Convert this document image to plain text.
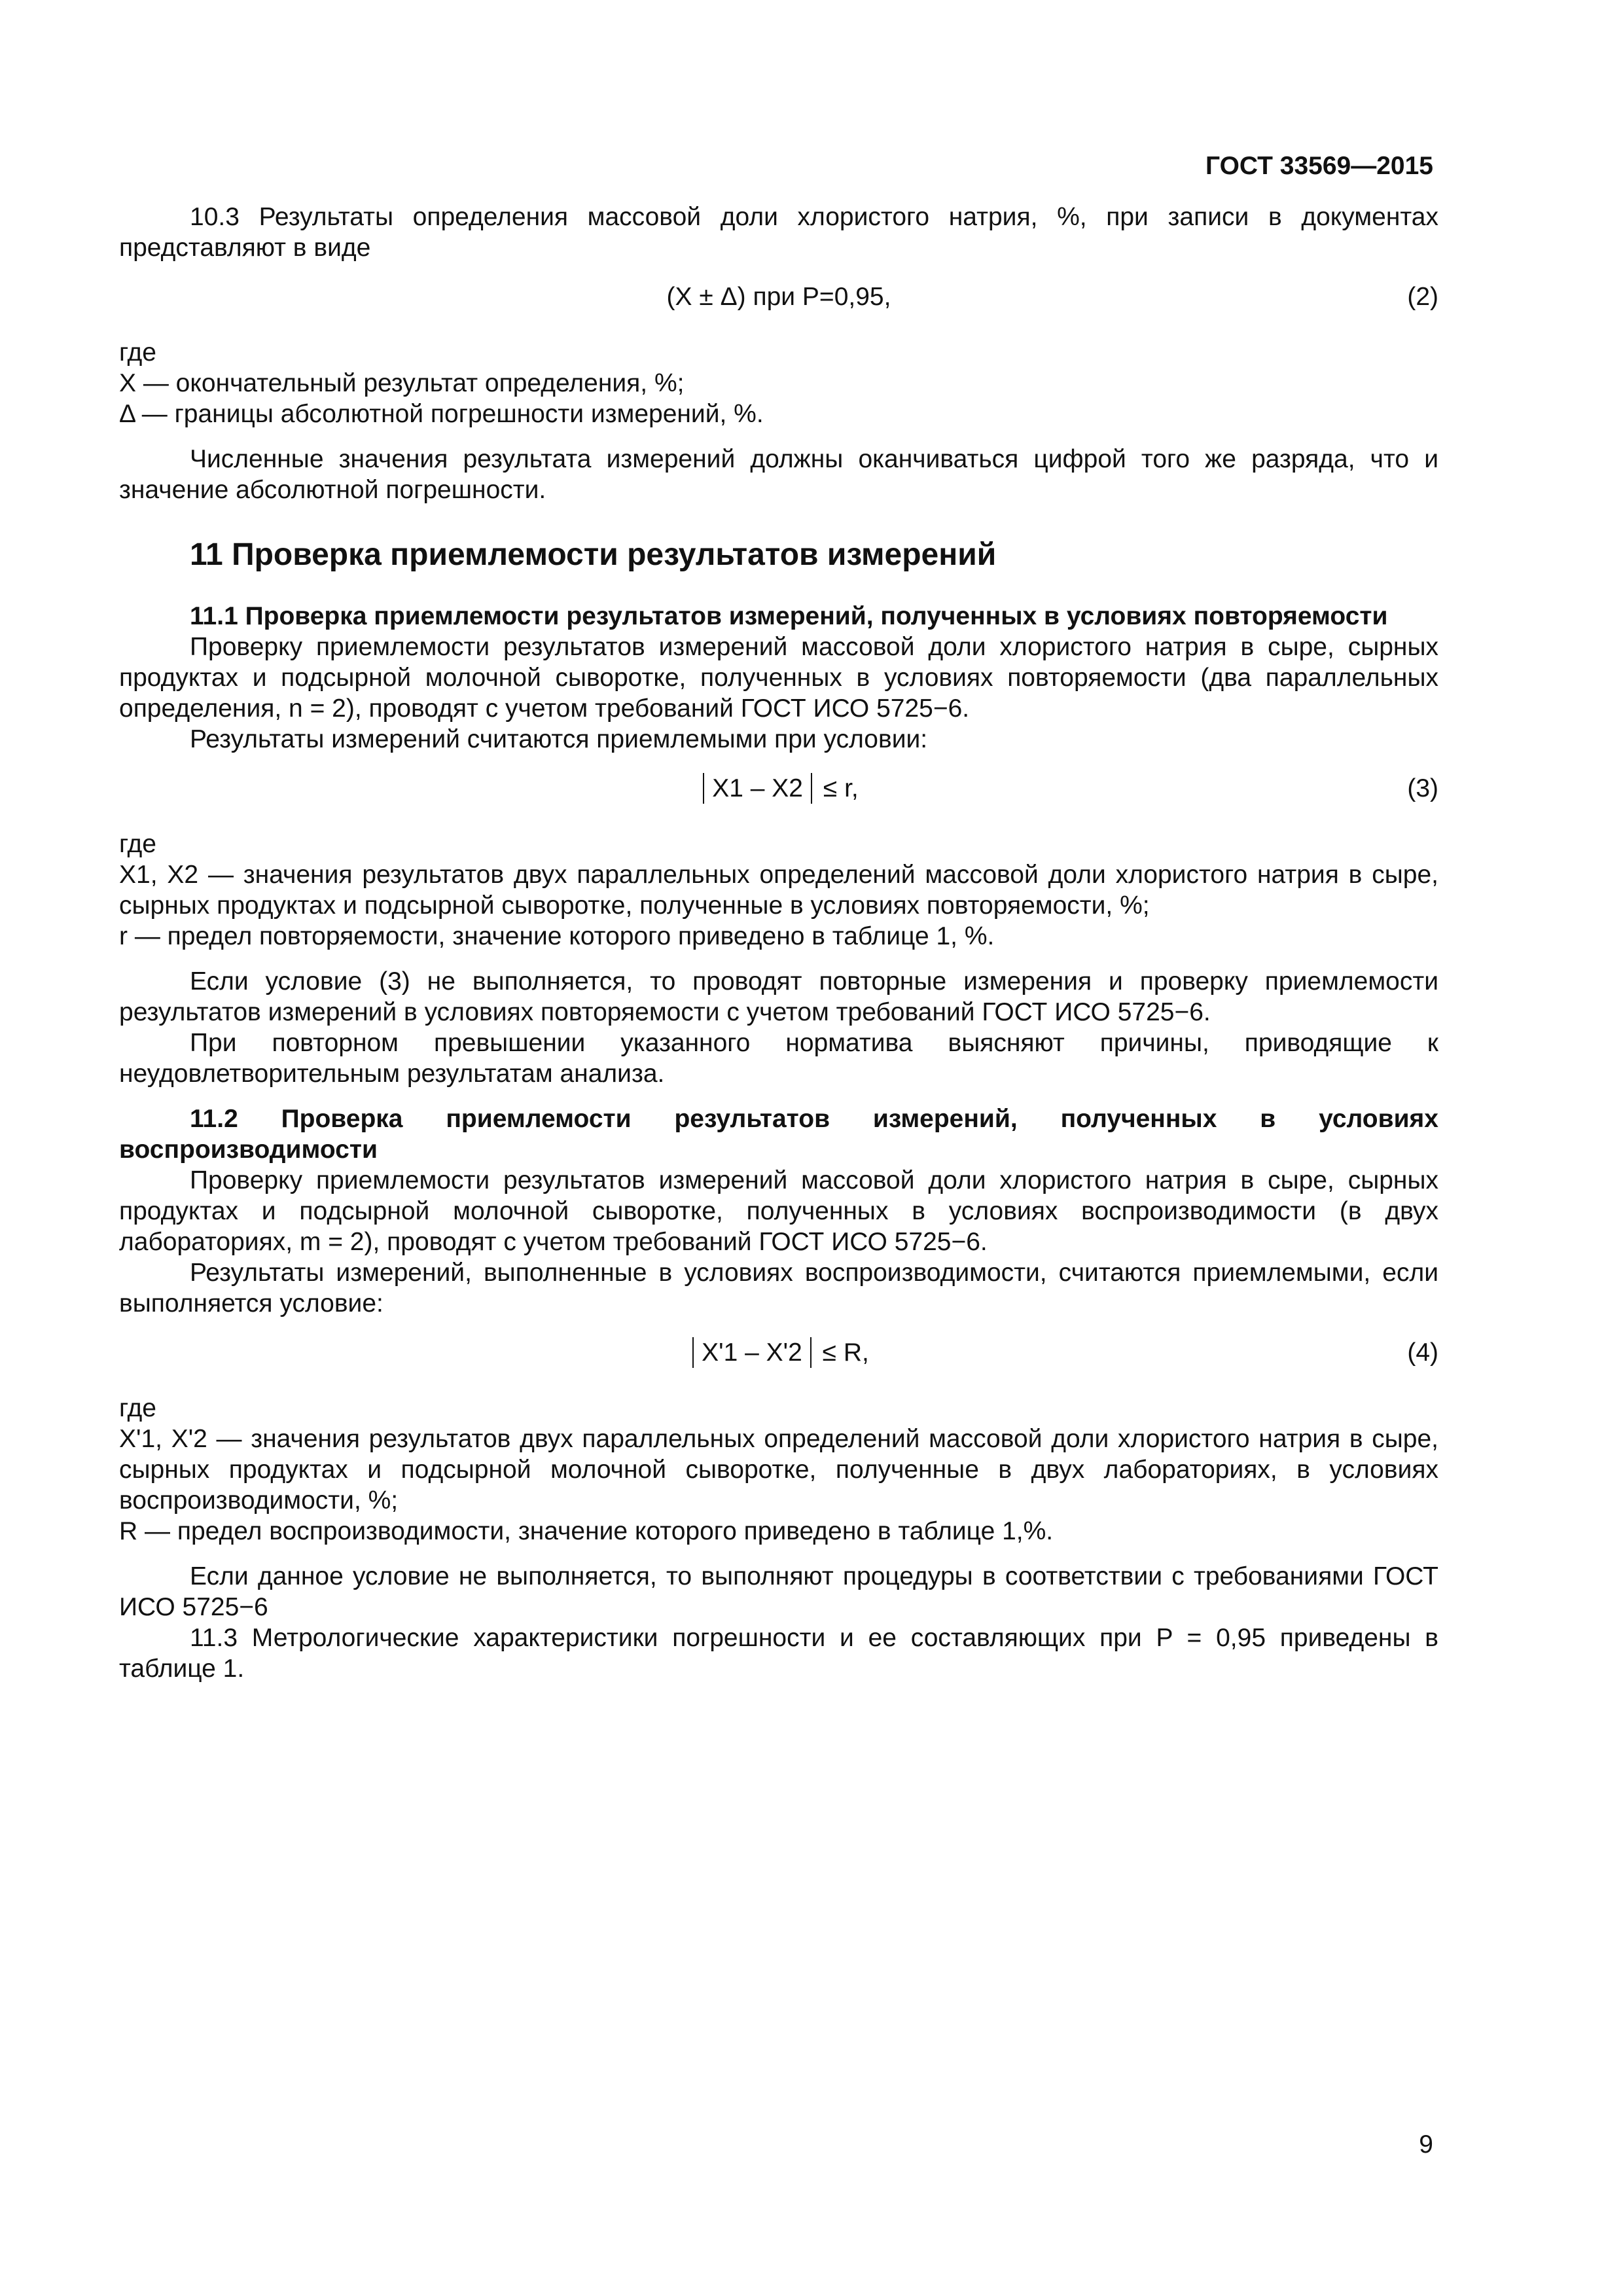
ГОСТ 33569—2015

10.3 Результаты определения массовой доли хлористого натрия, %, при записи в документах представляют в виде

(X ± Δ) при P=0,95,	(2)

где

X — окончательный результат определения, %;

Δ — границы абсолютной погрешности измерений, %.

Численные значения результата измерений должны оканчиваться цифрой того же разряда, что и значение абсолютной погрешности.

11 Проверка приемлемости результатов измерений

11.1 Проверка приемлемости результатов измерений, полученных в условиях повторяемости

Проверку приемлемости результатов измерений массовой доли хлористого натрия в сыре, сырных продуктах и подсырной молочной сыворотке, полученных в условиях повторяемости (два параллельных определения, n = 2), проводят с учетом требований ГОСТ ИСО 5725−6.

Результаты измерений считаются приемлемыми при условии:

X1 – X2 ≤ r,	(3)

где

X1, X2 — значения результатов двух параллельных определений массовой доли хлористого натрия в сыре, сырных продуктах и подсырной сыворотке, полученные в условиях повторяемости, %;

r — предел повторяемости, значение которого приведено в таблице 1, %.

Если условие (3) не выполняется, то проводят повторные измерения и проверку приемлемости результатов измерений в условиях повторяемости с учетом требований ГОСТ ИСО 5725−6.

При повторном превышении указанного норматива выясняют причины, приводящие к неудовлетворительным результатам анализа.

11.2 Проверка приемлемости результатов измерений, полученных в условиях воспроизводимости

Проверку приемлемости результатов измерений массовой доли хлористого натрия в сыре, сырных продуктах и подсырной молочной сыворотке, полученных в условиях воспроизводимости (в двух лабораториях, m = 2), проводят с учетом требований ГОСТ ИСО 5725−6.

Результаты измерений, выполненные в условиях воспроизводимости, считаются приемлемыми, если выполняется условие:

X'1 – X'2 ≤ R,	(4)

где

X'1, X'2 — значения результатов двух параллельных определений массовой доли хлористого натрия в сыре, сырных продуктах и подсырной молочной сыворотке, полученные в двух лабораториях, в условиях воспроизводимости, %;

R — предел воспроизводимости, значение которого приведено в таблице 1,%.

Если данное условие не выполняется, то выполняют процедуры в соответствии с требованиями ГОСТ ИСО 5725−6

11.3 Метрологические характеристики погрешности и ее составляющих при P = 0,95 приведены в таблице 1.

9
